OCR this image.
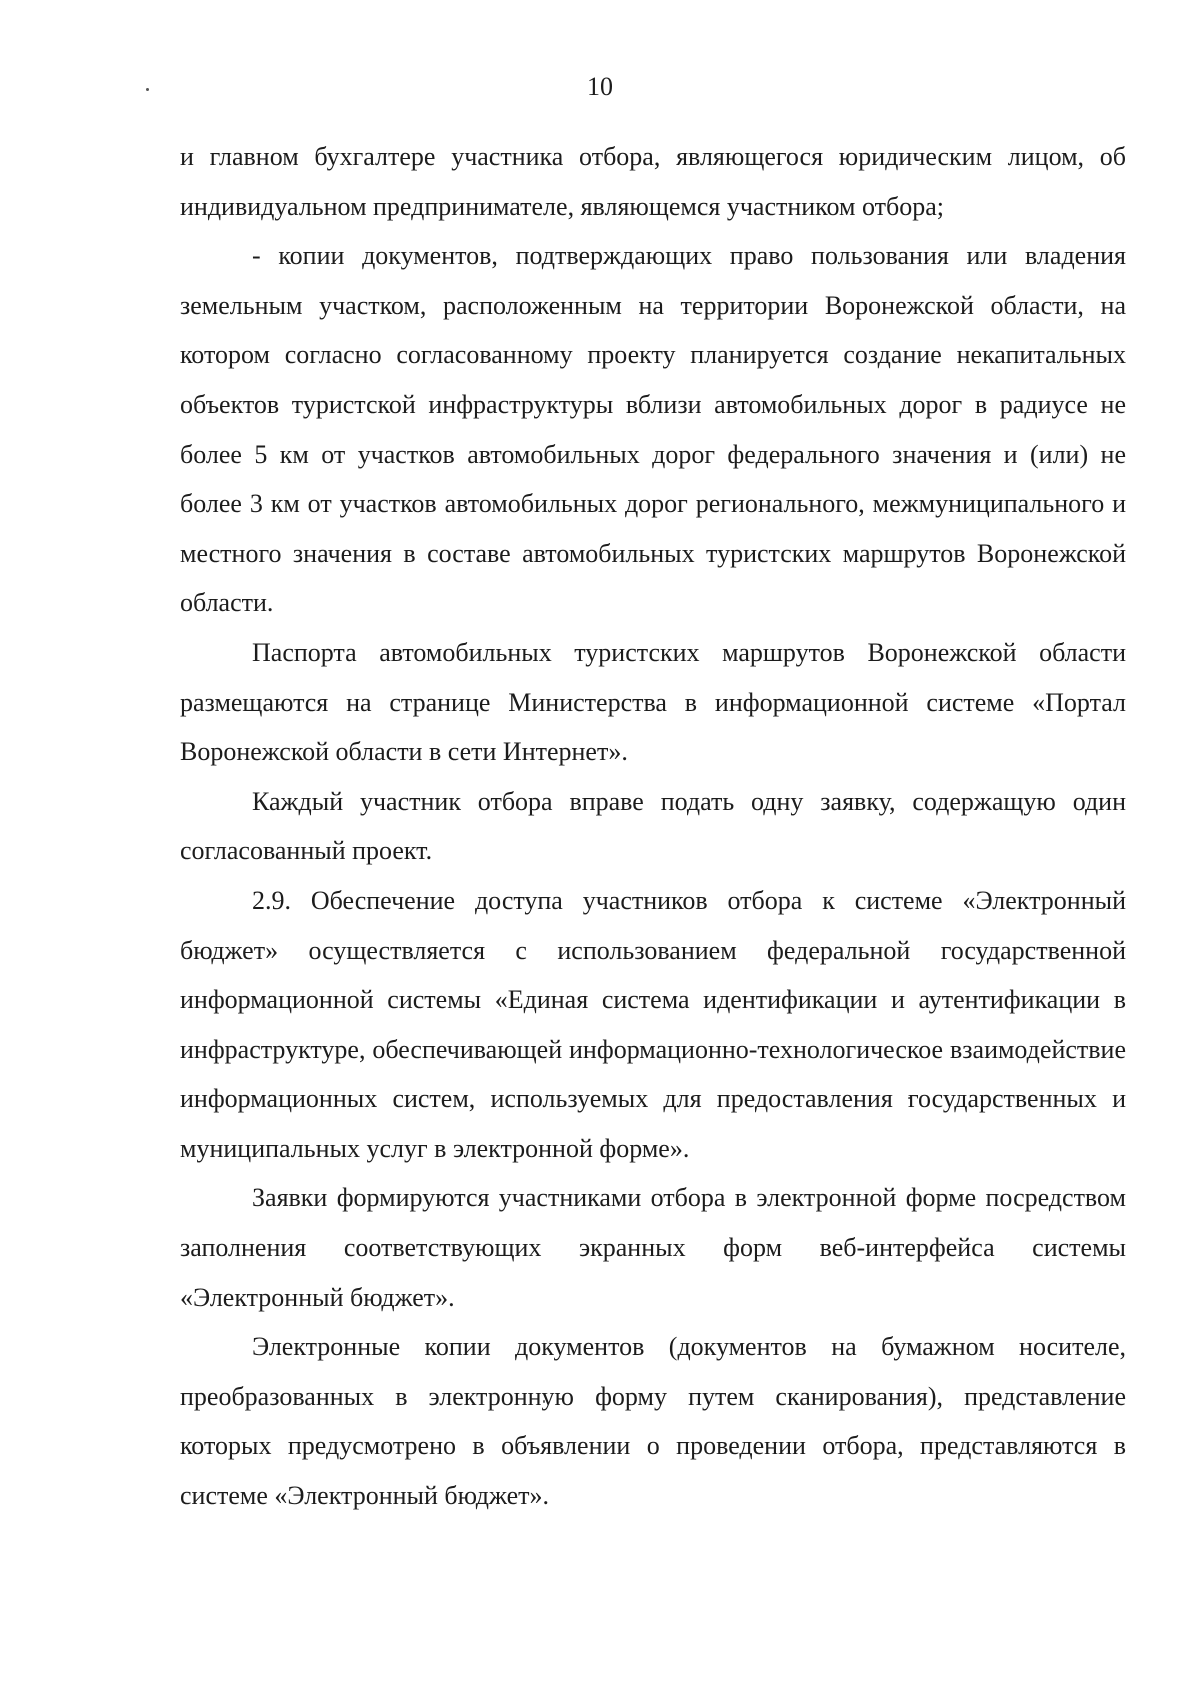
10

и главном бухгалтере участника отбора, являющегося юридическим лицом, об индивидуальном предпринимателе, являющемся участником отбора;

- копии документов, подтверждающих право пользования или владения земельным участком, расположенным на территории Воронежской области, на котором согласно согласованному проекту планируется создание некапитальных объектов туристской инфраструктуры вблизи автомобильных дорог в радиусе не более 5 км от участков автомобильных дорог федерального значения и (или) не более 3 км от участков автомобильных дорог регионального, межмуниципального и местного значения в составе автомобильных туристских маршрутов Воронежской области.

Паспорта автомобильных туристских маршрутов Воронежской области размещаются на странице Министерства в информационной системе «Портал Воронежской области в сети Интернет».

Каждый участник отбора вправе подать одну заявку, содержащую один согласованный проект.

2.9. Обеспечение доступа участников отбора к системе «Электронный бюджет» осуществляется с использованием федеральной государственной информационной системы «Единая система идентификации и аутентификации в инфраструктуре, обеспечивающей информационно-технологическое взаимодействие информационных систем, используемых для предоставления государственных и муниципальных услуг в электронной форме».

Заявки формируются участниками отбора в электронной форме посредством заполнения соответствующих экранных форм веб-интерфейса системы «Электронный бюджет».

Электронные копии документов (документов на бумажном носителе, преобразованных в электронную форму путем сканирования), представление которых предусмотрено в объявлении о проведении отбора, представляются в системе «Электронный бюджет».
